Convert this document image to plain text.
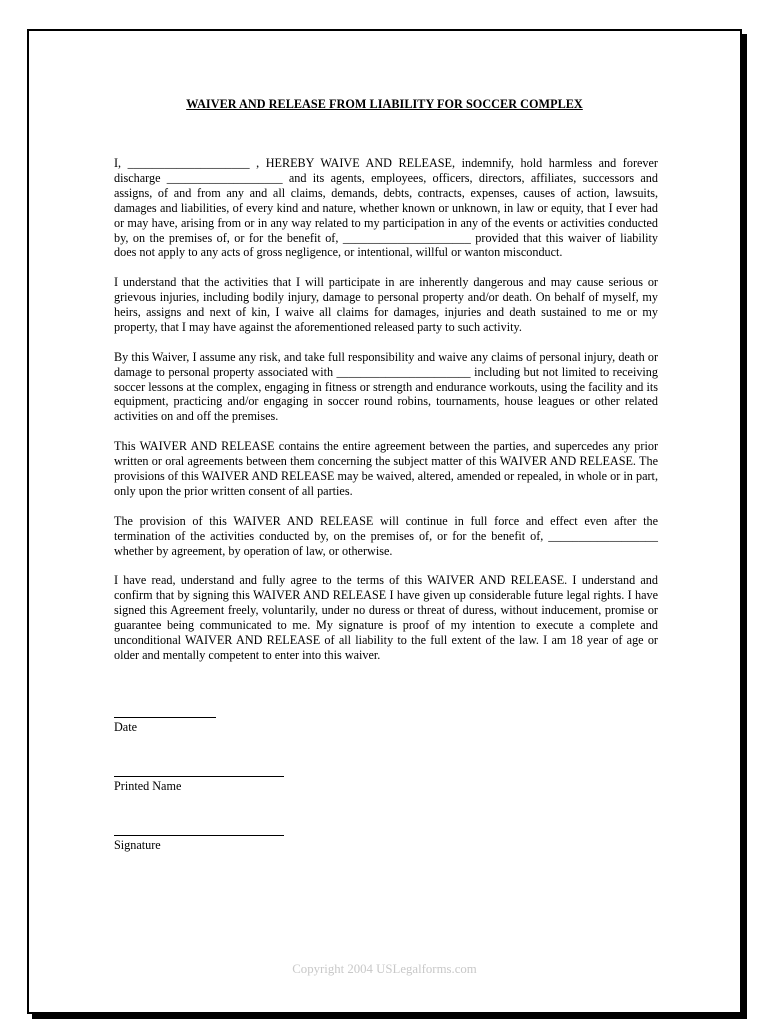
WAIVER AND RELEASE FROM LIABILITY FOR SOCCER COMPLEX

I, ____________________ , HEREBY WAIVE AND RELEASE, indemnify, hold harmless and forever discharge ___________________ and its agents, employees, officers, directors, affiliates, successors and assigns, of and from any and all claims, demands, debts, contracts, expenses, causes of action, lawsuits, damages and liabilities, of every kind and nature, whether known or unknown, in law or equity, that I ever had or may have, arising from or in any way related to my participation in any of the events or activities conducted by, on the premises of, or for the benefit of, _____________________ provided that this waiver of liability does not apply to any acts of gross negligence, or intentional, willful or wanton misconduct.

I understand that the activities that I will participate in are inherently dangerous and may cause serious or grievous injuries, including bodily injury, damage to personal property and/or death. On behalf of myself, my heirs, assigns and next of kin, I waive all claims for damages, injuries and death sustained to me or my property, that I may have against the aforementioned released party to such activity.

By this Waiver, I assume any risk, and take full responsibility and waive any claims of personal injury, death or damage to personal property associated with ______________________ including but not limited to receiving soccer lessons at the complex, engaging in fitness or strength and endurance workouts, using the facility and its equipment, practicing and/or engaging in soccer round robins, tournaments, house leagues or other related activities on and off the premises.

This WAIVER AND RELEASE contains the entire agreement between the parties, and supercedes any prior written or oral agreements between them concerning the subject matter of this WAIVER AND RELEASE. The provisions of this WAIVER AND RELEASE may be waived, altered, amended or repealed, in whole or in part, only upon the prior written consent of all parties.

The provision of this WAIVER AND RELEASE will continue in full force and effect even after the termination of the activities conducted by, on the premises of, or for the benefit of, __________________ whether by agreement, by operation of law, or otherwise.

I have read, understand and fully agree to the terms of this WAIVER AND RELEASE. I understand and confirm that by signing this WAIVER AND RELEASE I have given up considerable future legal rights. I have signed this Agreement freely, voluntarily, under no duress or threat of duress, without inducement, promise or guarantee being communicated to me. My signature is proof of my intention to execute a complete and unconditional WAIVER AND RELEASE of all liability to the full extent of the law. I am 18 year of age or older and mentally competent to enter into this waiver.

Date
Printed Name
Signature
Copyright 2004 USLegalforms.com
